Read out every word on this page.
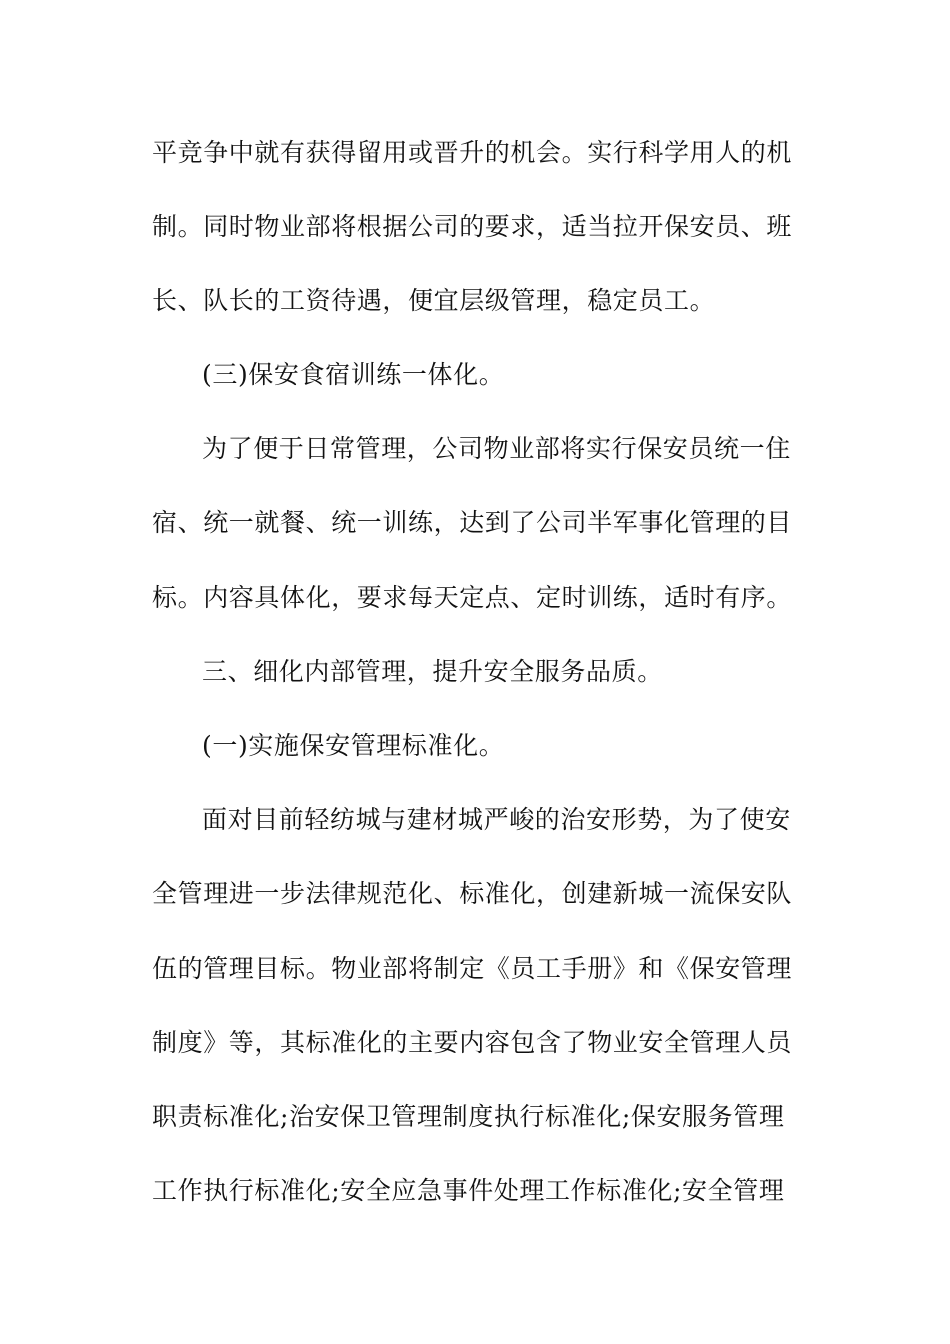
平竞争中就有获得留用或晋升的机会。实行科学用人的机
制。同时物业部将根据公司的要求，适当拉开保安员、班
长、队长的工资待遇，便宜层级管理，稳定员工。
(三)保安食宿训练一体化。
为了便于日常管理，公司物业部将实行保安员统一住
宿、统一就餐、统一训练，达到了公司半军事化管理的目
标。内容具体化，要求每天定点、定时训练，适时有序。
三、细化内部管理，提升安全服务品质。
(一)实施保安管理标准化。
面对目前轻纺城与建材城严峻的治安形势，为了使安
全管理进一步法律规范化、标准化，创建新城一流保安队
伍的管理目标。物业部将制定《员工手册》和《保安管理
制度》等，其标准化的主要内容包含了物业安全管理人员
职责标准化;治安保卫管理制度执行标准化;保安服务管理
工作执行标准化;安全应急事件处理工作标准化;安全管理
